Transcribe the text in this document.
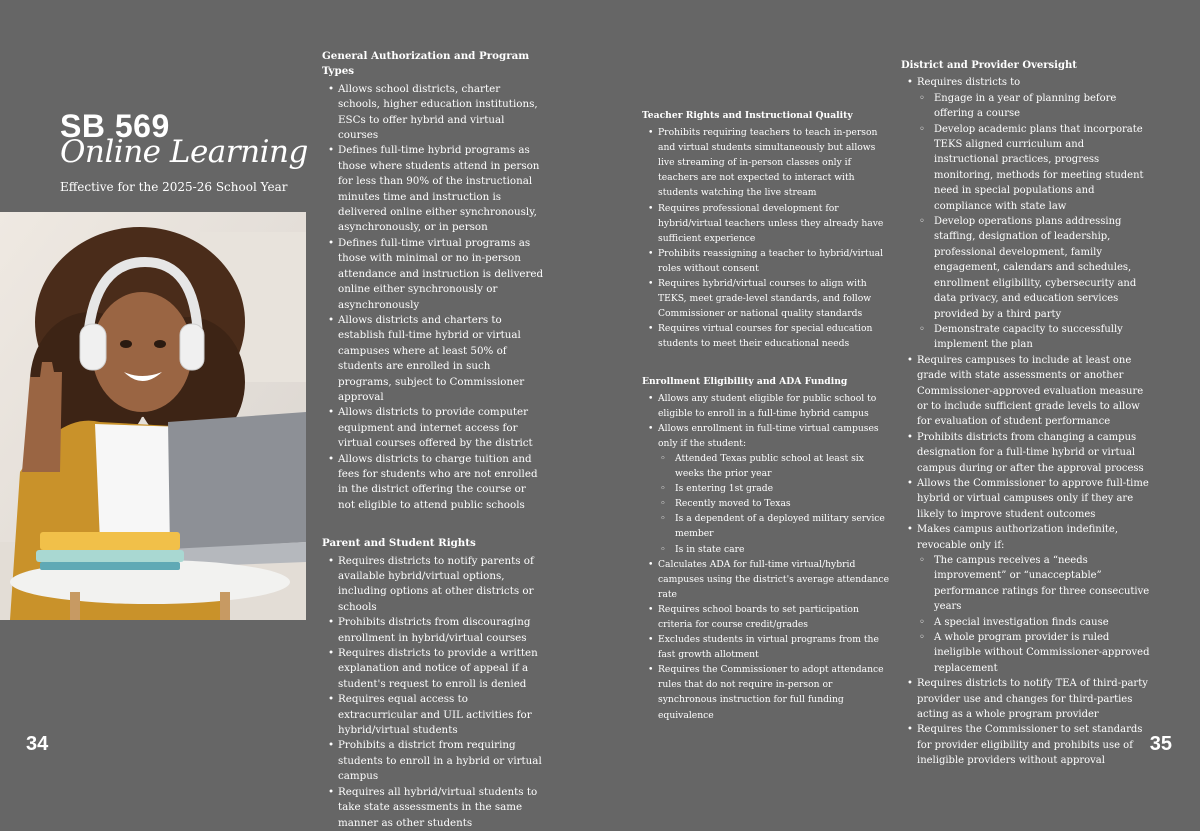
SB 569
Online Learning
Effective for the 2025-26 School Year
General Authorization and Program Types
• Allows school districts, charter schools, higher education institutions, ESCs to offer hybrid and virtual courses
• Defines full-time hybrid programs as those where students attend in person for less than 90% of the instructional minutes time and instruction is delivered online either synchronously, asynchronously, or in person
• Defines full-time virtual programs as those with minimal or no in-person attendance and instruction is delivered online either synchronously or asynchronously
• Allows districts and charters to establish full-time hybrid or virtual campuses where at least 50% of students are enrolled in such programs, subject to Commissioner approval
• Allows districts to provide computer equipment and internet access for virtual courses offered by the district
• Allows districts to charge tuition and fees for students who are not enrolled in the district offering the course or not eligible to attend public schools
Parent and Student Rights
• Requires districts to notify parents of available hybrid/virtual options, including options at other districts or schools
• Prohibits districts from discouraging enrollment in hybrid/virtual courses
• Requires districts to provide a written explanation and notice of appeal if a student's request to enroll is denied
• Requires equal access to extracurricular and UIL activities for hybrid/virtual students
• Prohibits a district from requiring students to enroll in a hybrid or virtual campus
• Requires all hybrid/virtual students to take state assessments in the same manner as other students
Teacher Rights and Instructional Quality
• Prohibits requiring teachers to teach in-person and virtual students simultaneously but allows live streaming of in-person classes only if teachers are not expected to interact with students watching the live stream
• Requires professional development for hybrid/virtual teachers unless they already have sufficient experience
• Prohibits reassigning a teacher to hybrid/virtual roles without consent
• Requires hybrid/virtual courses to align with TEKS, meet grade-level standards, and follow Commissioner or national quality standards
• Requires virtual courses for special education students to meet their educational needs
Enrollment Eligibility and ADA Funding
• Allows any student eligible for public school to eligible to enroll in a full-time hybrid campus
• Allows enrollment in full-time virtual campuses only if the student:
◦ Attended Texas public school at least six weeks the prior year
◦ Is entering 1st grade
◦ Recently moved to Texas
◦ Is a dependent of a deployed military service member
◦ Is in state care
• Calculates ADA for full-time virtual/hybrid campuses using the district's average attendance rate
• Requires school boards to set participation criteria for course credit/grades
• Excludes students in virtual programs from the fast growth allotment
• Requires the Commissioner to adopt attendance rules that do not require in-person or synchronous instruction for full funding equivalence
District and Provider Oversight
• Requires districts to
◦ Engage in a year of planning before offering a course
◦ Develop academic plans that incorporate TEKS aligned curriculum and instructional practices, progress monitoring, methods for meeting student need in special populations and compliance with state law
◦ Develop operations plans addressing staffing, designation of leadership, professional development, family engagement, calendars and schedules, enrollment eligibility, cybersecurity and data privacy, and education services provided by a third party
◦ Demonstrate capacity to successfully implement the plan
• Requires campuses to include at least one grade with state assessments or another Commissioner-approved evaluation measure or to include sufficient grade levels to allow for evaluation of student performance
• Prohibits districts from changing a campus designation for a full-time hybrid or virtual campus during or after the approval process
• Allows the Commissioner to approve full-time hybrid or virtual campuses only if they are likely to improve student outcomes
• Makes campus authorization indefinite, revocable only if:
◦ The campus receives a “needs improvement” or “unacceptable” performance ratings for three consecutive years
◦ A special investigation finds cause
◦ A whole program provider is ruled ineligible without Commissioner-approved replacement
• Requires districts to notify TEA of third-party provider use and changes for third-parties acting as a whole program provider
• Requires the Commissioner to set standards for provider eligibility and prohibits use of ineligible providers without approval
34	35
